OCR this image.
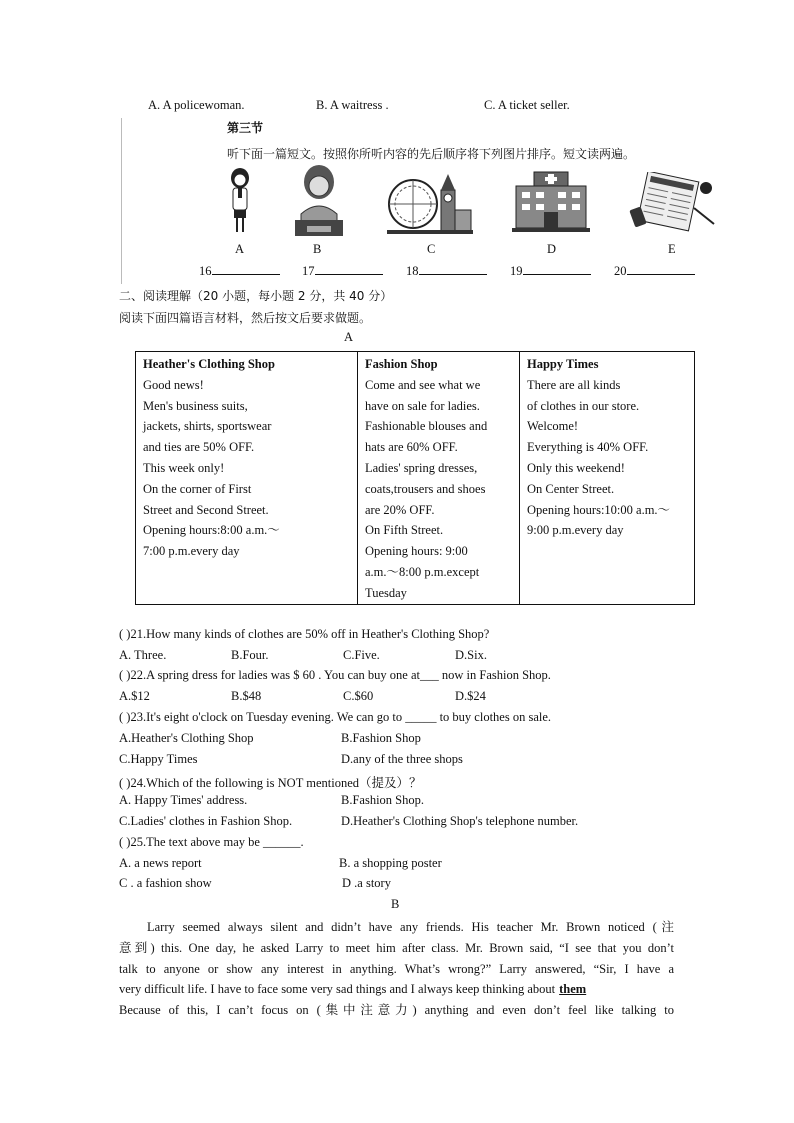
A. A policewoman.	B. A waitress .	C. A ticket seller.
第三节
听下面一篇短文。按照你所听内容的先后顺序将下列图片排序。短文读两遍。
A	B	C	D	E
16	17	18	19	20
二、阅读理解（20 小题，每小题 2 分，共 40 分）
阅读下面四篇语言材料，然后按文后要求做题。
A
Heather's Clothing Shop
Good news!
Men's business suits,
jackets, shirts, sportswear
and ties are 50% OFF.
This week only!
On the corner of First
Street and Second Street.
Opening hours:8:00 a.m.～
7:00 p.m.every day

Fashion Shop
Come and see what we
have on sale for ladies.
Fashionable blouses and
hats are 60% OFF.
Ladies' spring dresses,
coats,trousers and shoes
are 20% OFF.
On Fifth Street.
Opening hours: 9:00
a.m.～8:00 p.m.except
Tuesday

Happy Times
There are all kinds
of clothes in our store.
Welcome!
Everything is 40% OFF.
Only this weekend!
On Center Street.
Opening hours:10:00 a.m.～
9:00 p.m.every day
( )21.How many kinds of clothes are 50% off in Heather's Clothing Shop?
A. Three.	B.Four.	C.Five.	D.Six.
( )22.A spring dress for ladies was $ 60 . You can buy one at___ now in Fashion Shop.
A.$12	B.$48	C.$60	D.$24
( )23.It's eight o'clock on Tuesday evening. We can go to _____ to buy clothes on sale.
A.Heather's Clothing Shop	B.Fashion Shop
C.Happy Times	D.any of the three shops
( )24.Which of the following is NOT mentioned（提及）？
A. Happy Times' address.	B.Fashion Shop.
C.Ladies' clothes in Fashion Shop.	D.Heather's Clothing Shop's telephone number.
( )25.The text above may be ______.
A. a news report	B. a shopping poster
C . a fashion show	D .a story
B
Larry seemed always silent and didn’t have any friends. His teacher Mr. Brown noticed (注
意到) this. One day, he asked Larry to meet him after class. Mr. Brown said, “I see that you don’t
talk to anyone or show any interest in anything. What’s wrong?” Larry answered, “Sir, I have a
very difficult life. I have to face some very sad things and I always keep thinking about them
Because of this, I can’t focus on (集中注意力) anything and even don’t feel like talking to
